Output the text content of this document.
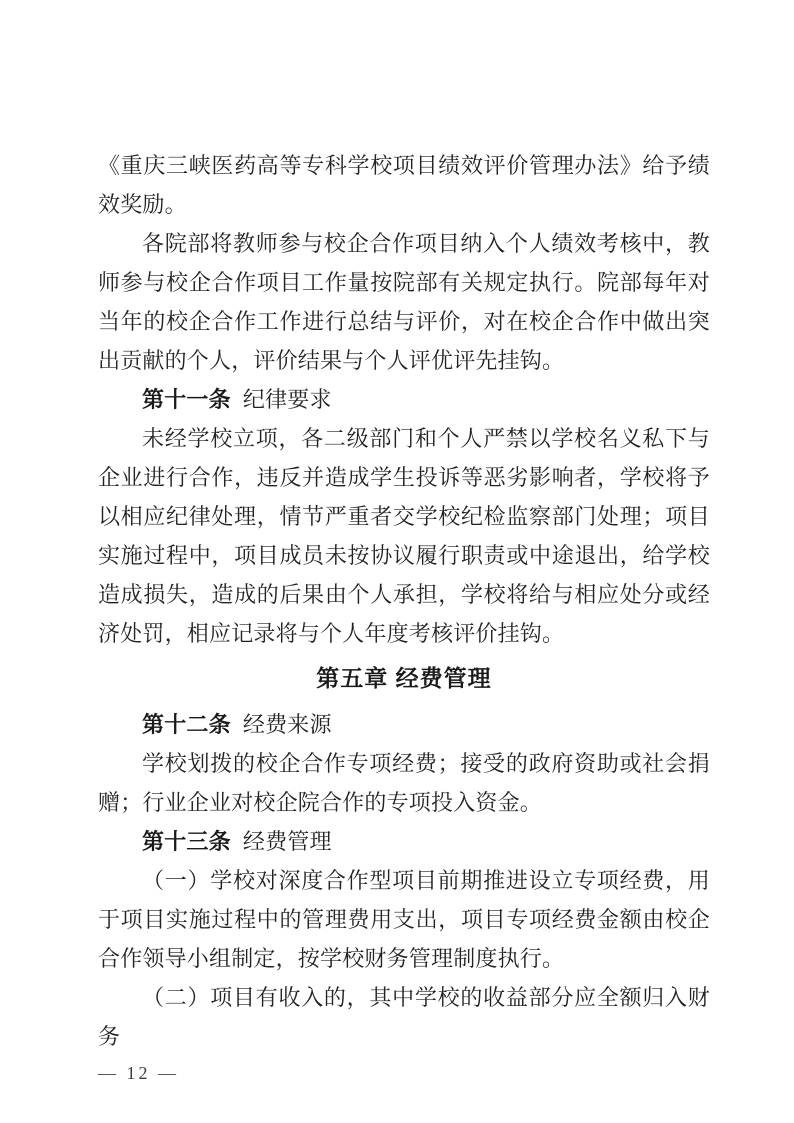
《重庆三峡医药高等专科学校项目绩效评价管理办法》给予绩效奖励。

各院部将教师参与校企合作项目纳入个人绩效考核中，教师参与校企合作项目工作量按院部有关规定执行。院部每年对当年的校企合作工作进行总结与评价，对在校企合作中做出突出贡献的个人，评价结果与个人评优评先挂钩。

第十一条 纪律要求

未经学校立项，各二级部门和个人严禁以学校名义私下与企业进行合作，违反并造成学生投诉等恶劣影响者，学校将予以相应纪律处理，情节严重者交学校纪检监察部门处理；项目实施过程中，项目成员未按协议履行职责或中途退出，给学校造成损失，造成的后果由个人承担，学校将给与相应处分或经济处罚，相应记录将与个人年度考核评价挂钩。

第五章 经费管理

第十二条 经费来源

学校划拨的校企合作专项经费；接受的政府资助或社会捐赠；行业企业对校企院合作的专项投入资金。

第十三条 经费管理

（一）学校对深度合作型项目前期推进设立专项经费，用于项目实施过程中的管理费用支出，项目专项经费金额由校企合作领导小组制定，按学校财务管理制度执行。

（二）项目有收入的，其中学校的收益部分应全额归入财务

— 12 —
